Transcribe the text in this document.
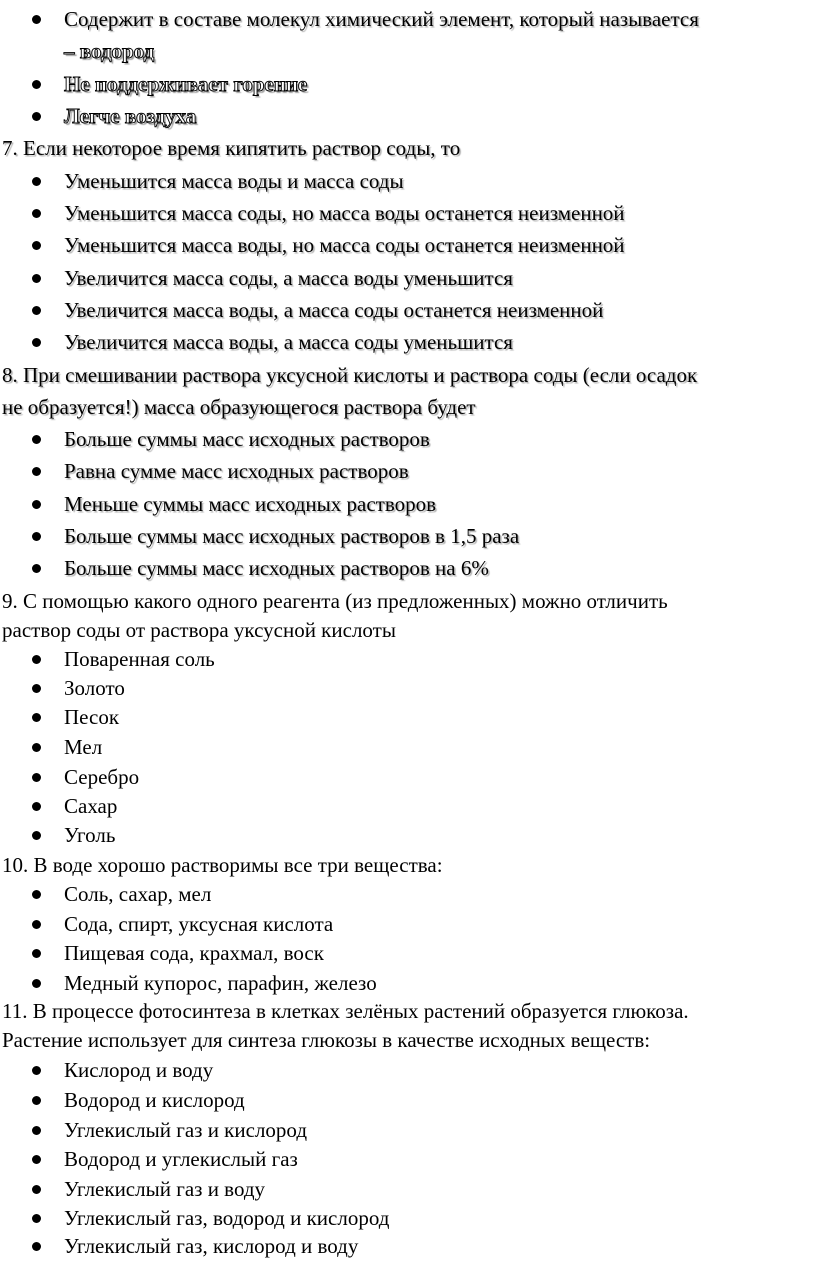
Содержит в составе молекул химический элемент, который называется
– водород
Не поддерживает горение
Легче воздуха
7. Если некоторое время кипятить раствор соды, то
Уменьшится масса воды и масса соды
Уменьшится масса соды, но масса воды останется неизменной
Уменьшится масса воды, но масса соды останется неизменной
Увеличится масса соды, а масса воды уменьшится
Увеличится масса воды, а масса соды останется неизменной
Увеличится масса воды, а масса соды уменьшится
8. При смешивании раствора уксусной кислоты и раствора соды (если осадок
не образуется!) масса образующегося раствора будет
Больше суммы масс исходных растворов
Равна сумме масс исходных растворов
Меньше суммы масс исходных растворов
Больше суммы масс исходных растворов в 1,5 раза
Больше суммы масс исходных растворов на 6%
9. С помощью какого одного реагента (из предложенных) можно отличить
раствор соды от раствора уксусной кислоты
Поваренная соль
Золото
Песок
Мел
Серебро
Сахар
Уголь
10. В воде хорошо растворимы все три вещества:
Соль, сахар, мел
Сода, спирт, уксусная кислота
Пищевая сода, крахмал, воск
Медный купорос, парафин, железо
11. В процессе фотосинтеза в клетках зелёных растений образуется глюкоза.
Растение использует для синтеза глюкозы в качестве исходных веществ:
Кислород и воду
Водород и кислород
Углекислый газ и кислород
Водород и углекислый газ
Углекислый газ и воду
Углекислый газ, водород и кислород
Углекислый газ, кислород и воду
